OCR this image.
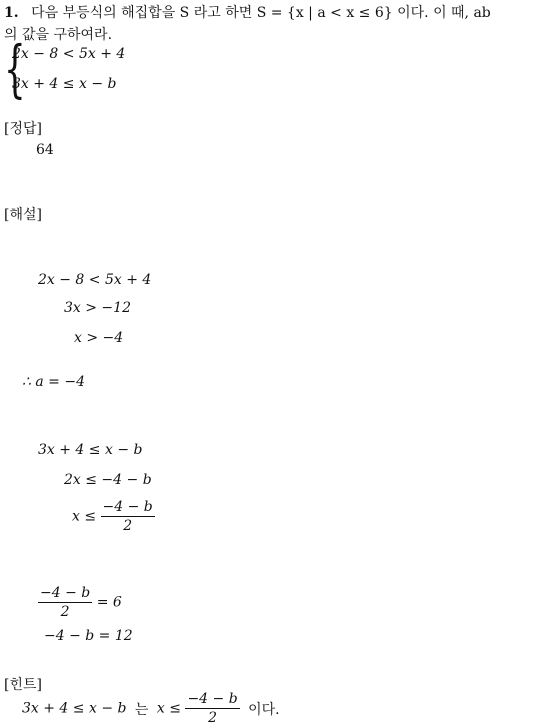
1. 다음 부등식의 해집합을 S 라고 하면 S = {x | a < x ≤ 6} 이다. 이 때, ab
의 값을 구하여라.
{
2x − 8 < 5x + 4
3x + 4 ≤ x − b
[정답]
64
[해설]
2x − 8 < 5x + 4
3x > −12
x > −4
∴ a = −4
3x + 4 ≤ x − b
2x ≤ −4 − b
$x \le \frac{-4 - b}{2}$
$\frac{-4 - b}{2} = 6$
−4 − b = 12
[힌트]
3x + 4 ≤ x − b 는 $x \le \frac{-4 - b}{2}$ 이다.
